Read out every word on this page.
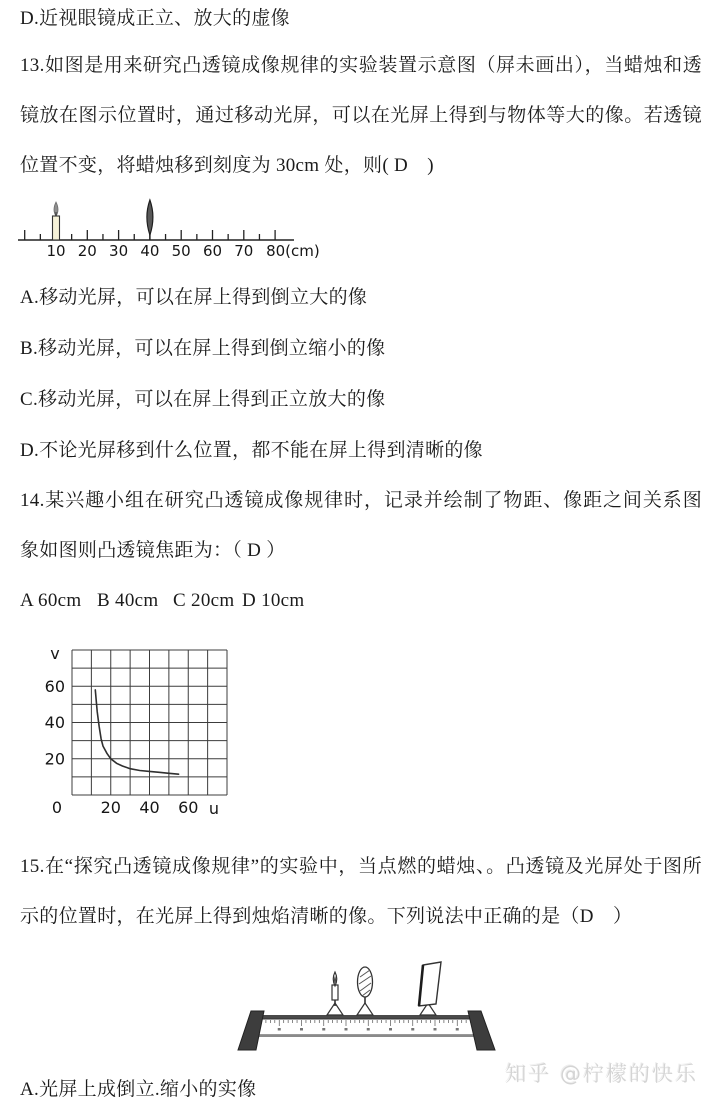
D.近视眼镜成正立、放大的虚像
13.如图是用来研究凸透镜成像规律的实验装置示意图（屏未画出），当蜡烛和透
镜放在图示位置时，通过移动光屏，可以在光屏上得到与物体等大的像。若透镜
位置不变，将蜡烛移到刻度为 30cm 处，则( D　)
10 20 30 40 50 60 70 80(cm)
A.移动光屏，可以在屏上得到倒立大的像
B.移动光屏，可以在屏上得到倒立缩小的像
C.移动光屏，可以在屏上得到正立放大的像
D.不论光屏移到什么位置，都不能在屏上得到清晰的像
14.某兴趣小组在研究凸透镜成像规律时，记录并绘制了物距、像距之间关系图
象如图则凸透镜焦距为：（ D ）
A 60cm B 40cm C 20cm D 10cm
20
40
60
20 40 60
0
v
u
15.在“探究凸透镜成像规律”的实验中，当点燃的蜡烛、。凸透镜及光屏处于图所
示的位置时，在光屏上得到烛焰清晰的像。下列说法中正确的是（D　）
知乎 @柠檬的快乐
A.光屏上成倒立.缩小的实像
